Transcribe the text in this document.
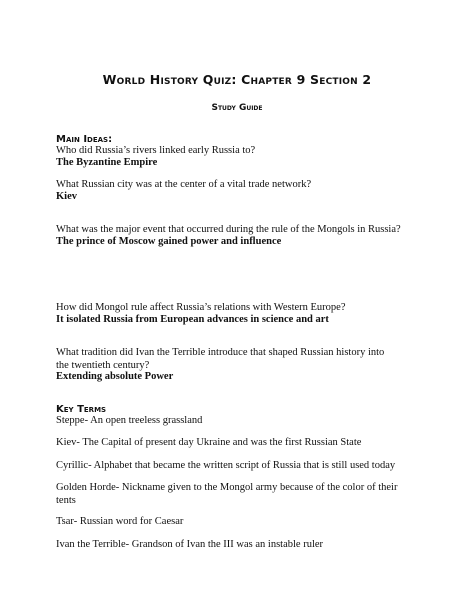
World History Quiz: Chapter 9 Section 2
Study Guide
Main Ideas:

Who did Russia’s rivers linked early Russia to?

The Byzantine Empire

What Russian city was at the center of a vital trade network?

Kiev

What was the major event that occurred during the rule of the Mongols in Russia?

The prince of Moscow gained power and influence

How did Mongol rule affect Russia’s relations with Western Europe?

It isolated Russia from European advances in science and art

What tradition did Ivan the Terrible introduce that shaped Russian history into the twentieth century?

Extending absolute Power

Key Terms

Steppe- An open treeless grassland

Kiev- The Capital of present day Ukraine and was the first Russian State

Cyrillic- Alphabet that became the written script of Russia that is still used today

Golden Horde- Nickname given to the Mongol army because of the color of their tents

Tsar- Russian word for Caesar

Ivan the Terrible- Grandson of Ivan the III was an instable ruler
